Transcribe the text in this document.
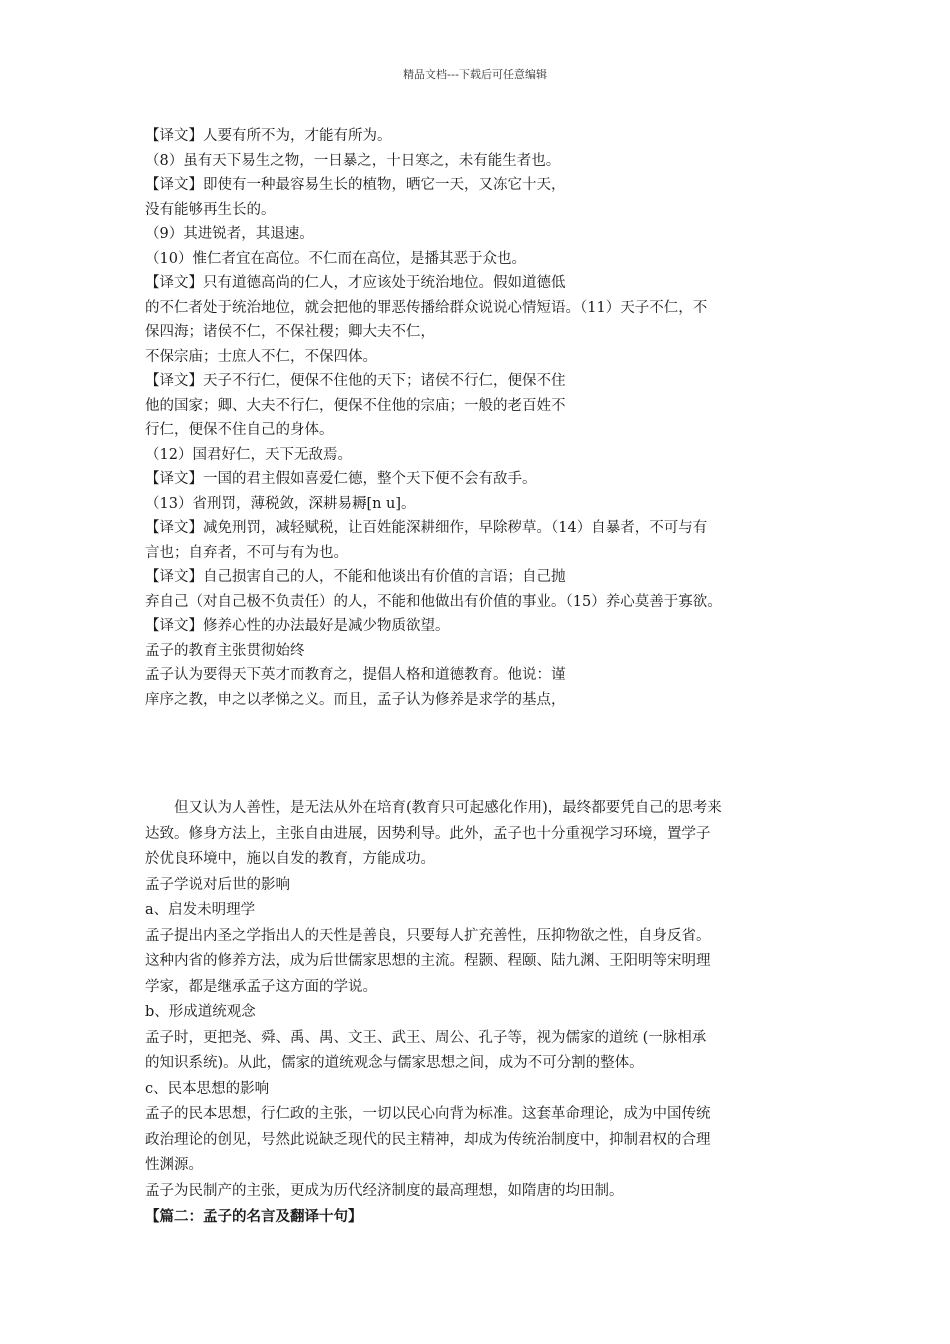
精品文档---下载后可任意编辑
【译文】人要有所不为，才能有所为。
（8）虽有天下易生之物，一日暴之，十日寒之，未有能生者也。
【译文】即使有一种最容易生长的植物，晒它一天，又冻它十天，
没有能够再生长的。
（9）其进锐者，其退速。
（10）惟仁者宜在高位。不仁而在高位，是播其恶于众也。
【译文】只有道德高尚的仁人，才应该处于统治地位。假如道德低
的不仁者处于统治地位，就会把他的罪恶传播给群众说说心情短语。（11）天子不仁，不
保四海；诸侯不仁，不保社稷；卿大夫不仁，
不保宗庙；士庶人不仁，不保四体。
【译文】天子不行仁，便保不住他的天下；诸侯不行仁，便保不住
他的国家；卿、大夫不行仁，便保不住他的宗庙；一般的老百姓不
行仁，便保不住自己的身体。
（12）国君好仁，天下无敌焉。
【译文】一国的君主假如喜爱仁德，整个天下便不会有敌手。
（13）省刑罚，薄税敛，深耕易耨[n u]。
【译文】减免刑罚，减轻赋税，让百姓能深耕细作，早除秽草。（14）自暴者，不可与有
言也；自弃者，不可与有为也。
【译文】自己损害自己的人，不能和他谈出有价值的言语；自己抛
弃自己（对自己极不负责任）的人，不能和他做出有价值的事业。（15）养心莫善于寡欲。
【译文】修养心性的办法最好是减少物质欲望。
孟子的教育主张贯彻始终
孟子认为要得天下英才而教育之，提倡人格和道德教育。他说：谨
庠序之教，申之以孝悌之义。而且，孟子认为修养是求学的基点，
但又认为人善性，是无法从外在培育(教育只可起感化作用)，最终都要凭自己的思考来
达致。修身方法上，主张自由进展，因势利导。此外，孟子也十分重视学习环境，置学子
於优良环境中，施以自发的教育，方能成功。
孟子学说对后世的影响
a、启发未明理学
孟子提出内圣之学指出人的天性是善良，只要每人扩充善性，压抑物欲之性，自身反省。
这种内省的修养方法，成为后世儒家思想的主流。程颢、程颐、陆九渊、王阳明等宋明理
学家，都是继承孟子这方面的学说。
b、形成道统观念
孟子时，更把尧、舜、禹、禺、文王、武王、周公、孔子等，视为儒家的道统 (一脉相承
的知识系统)。从此，儒家的道统观念与儒家思想之间，成为不可分割的整体。
c、民本思想的影响
孟子的民本思想，行仁政的主张，一切以民心向背为标准。这套革命理论，成为中国传统
政治理论的创见，号然此说缺乏现代的民主精神，却成为传统治制度中，抑制君权的合理
性渊源。
孟子为民制产的主张，更成为历代经济制度的最高理想，如隋唐的均田制。
【篇二：孟子的名言及翻译十句】
